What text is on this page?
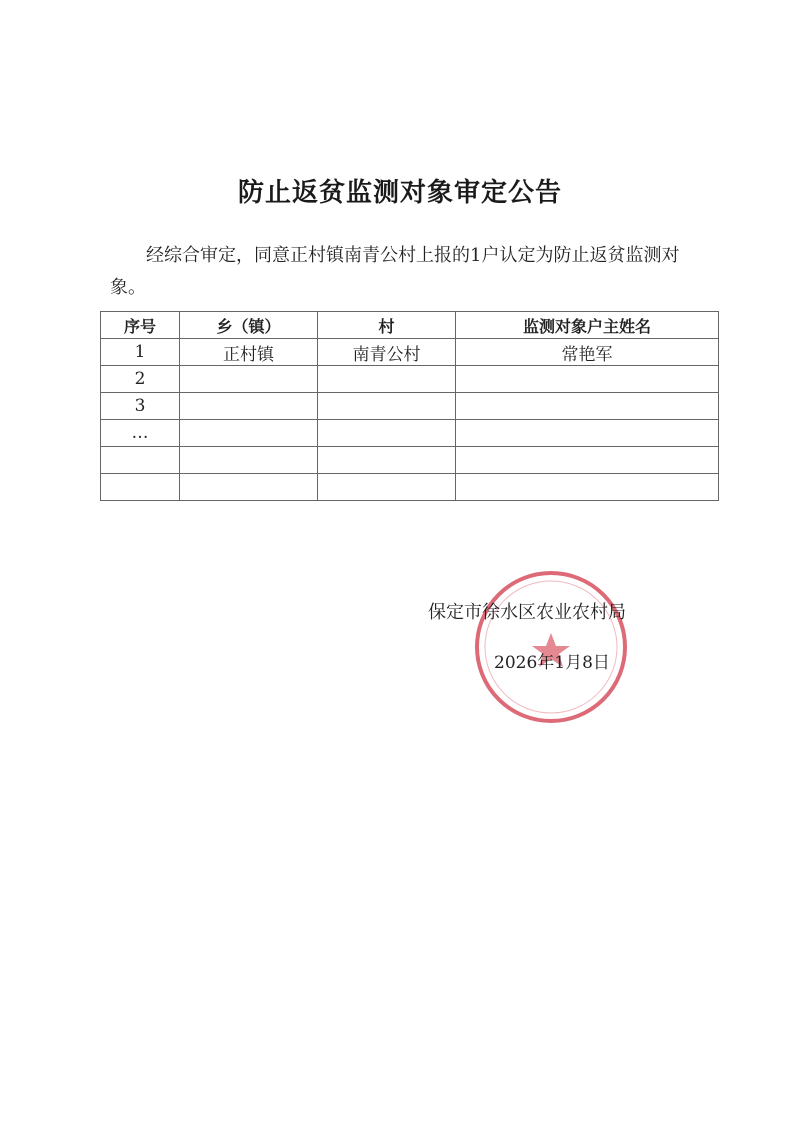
防止返贫监测对象审定公告
经综合审定，同意正村镇南青公村上报的1户认定为防止返贫监测对象。
序号	乡（镇）	村	监测对象户主姓名
1	正村镇	南青公村	常艳军
2			
3			
…			

保定市徐水区农业农村局
2026年1月8日
